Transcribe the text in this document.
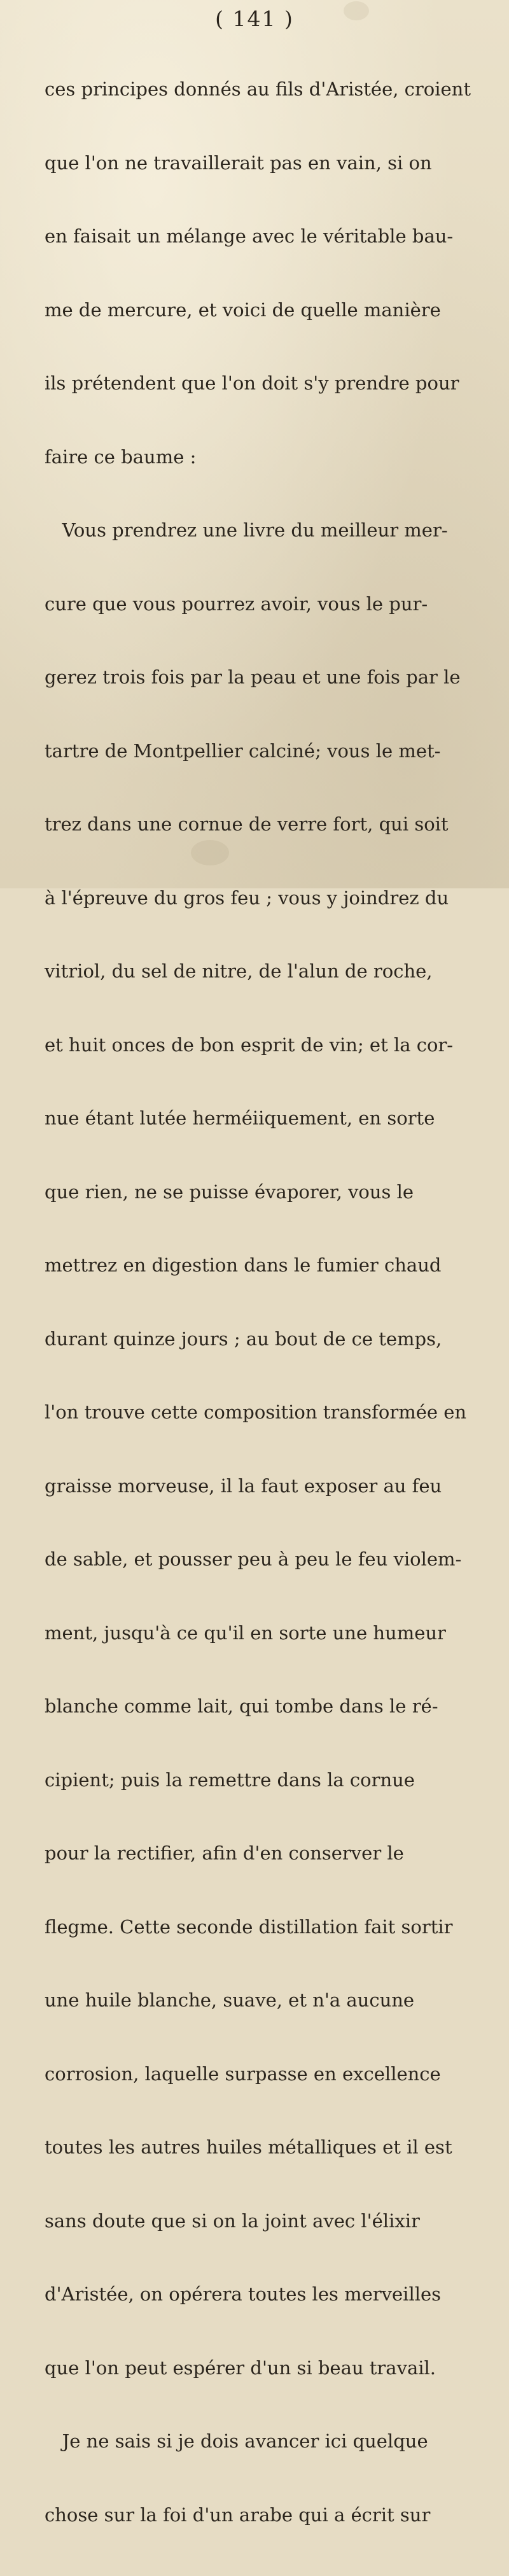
( 141 )

ces principes donnés au fils d'Aristée, croient

que l'on ne travaillerait pas en vain, si on

en faisait un mélange avec le véritable bau-

me de mercure, et voici de quelle manière

ils prétendent que l'on doit s'y prendre pour

faire ce baume :

Vous prendrez une livre du meilleur mer-

cure que vous pourrez avoir, vous le pur-

gerez trois fois par la peau et une fois par le

tartre de Montpellier calciné; vous le met-

trez dans une cornue de verre fort, qui soit

à l'épreuve du gros feu ; vous y joindrez du

vitriol, du sel de nitre, de l'alun de roche,

et huit onces de bon esprit de vin; et la cor-

nue étant lutée herméiiquement, en sorte

que rien, ne se puisse évaporer, vous le

mettrez en digestion dans le fumier chaud

durant quinze jours ; au bout de ce temps,

l'on trouve cette composition transformée en

graisse morveuse, il la faut exposer au feu

de sable, et pousser peu à peu le feu violem-

ment, jusqu'à ce qu'il en sorte une humeur

blanche comme lait, qui tombe dans le ré-

cipient; puis la remettre dans la cornue

pour la rectifier, afin d'en conserver le

flegme. Cette seconde distillation fait sortir

une huile blanche, suave, et n'a aucune

corrosion, laquelle surpasse en excellence

toutes les autres huiles métalliques et il est

sans doute que si on la joint avec l'élixir

d'Aristée, on opérera toutes les merveilles

que l'on peut espérer d'un si beau travail.

Je ne sais si je dois avancer ici quelque

chose sur la foi d'un arabe qui a écrit sur
